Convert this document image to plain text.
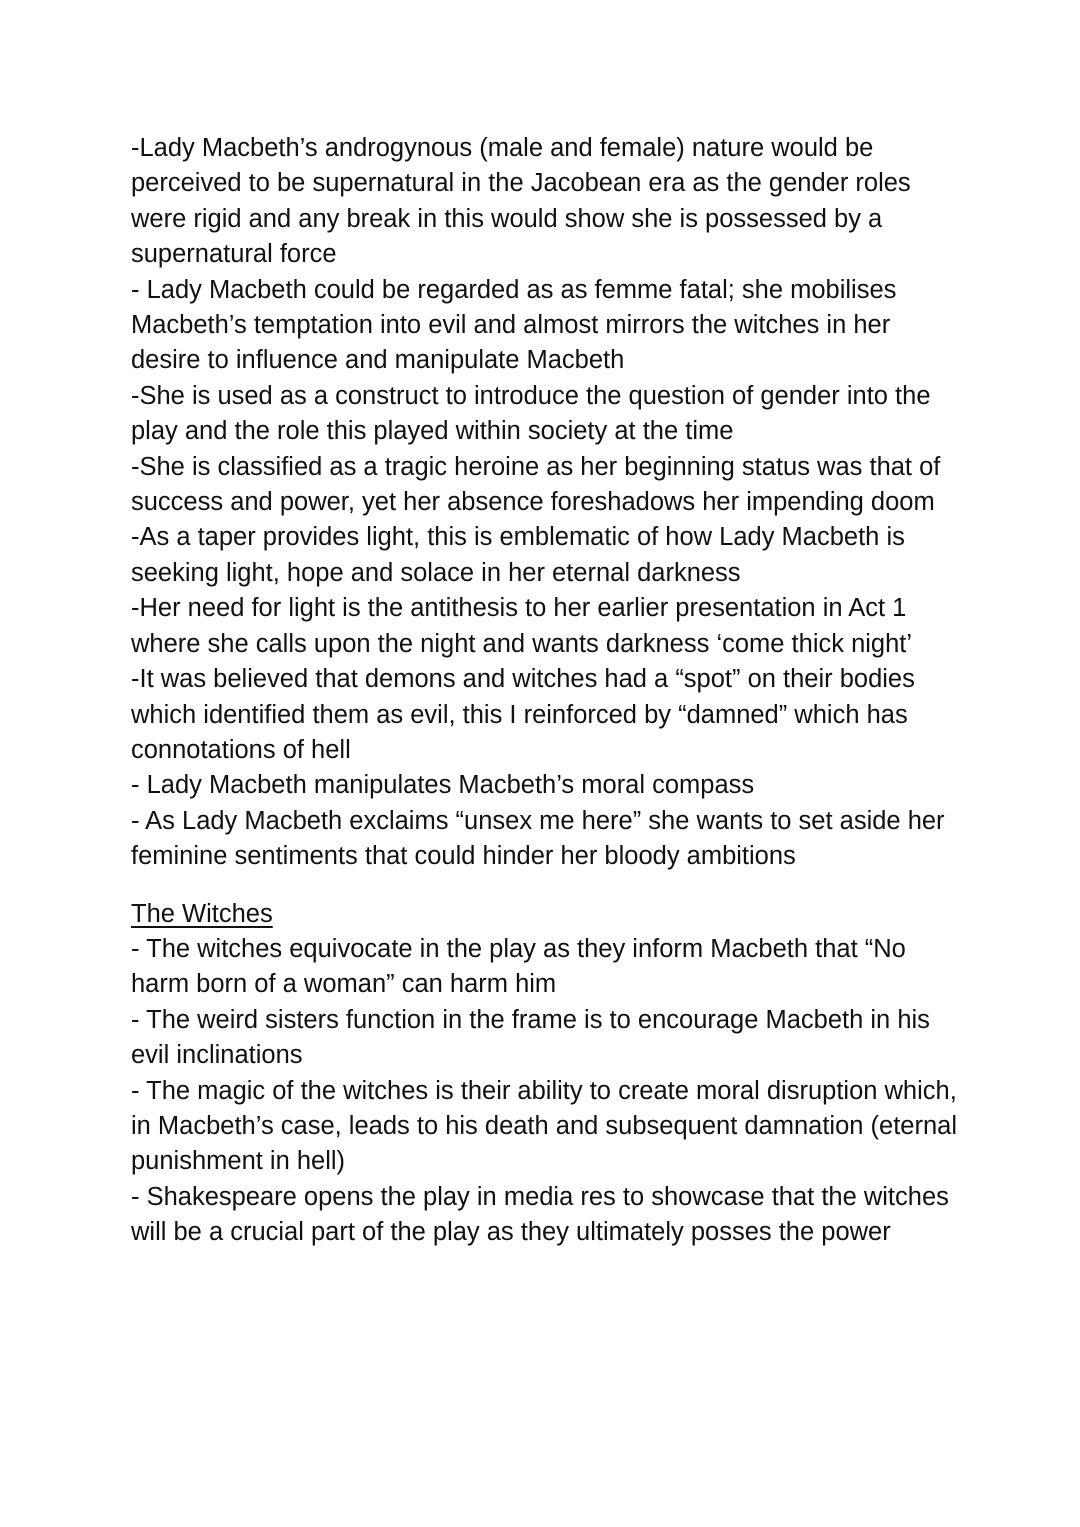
-Lady Macbeth’s androgynous (male and female) nature would be perceived to be supernatural in the Jacobean era as the gender roles were rigid and any break in this would show she is possessed by a supernatural force

- Lady Macbeth could be regarded as as femme fatal; she mobilises Macbeth’s temptation into evil and almost mirrors the witches in her desire to influence and manipulate Macbeth

-She is used as a construct to introduce the question of gender into the play and the role this played within society at the time

-She is classified as a tragic heroine as her beginning status was that of success and power, yet her absence foreshadows her impending doom

-As a taper provides light, this is emblematic of how Lady Macbeth is seeking light, hope and solace in her eternal darkness

-Her need for light is the antithesis to her earlier presentation in Act 1 where she calls upon the night and wants darkness ‘come thick night’

-It was believed that demons and witches had a “spot” on their bodies which identified them as evil, this I reinforced by “damned” which has connotations of hell

- Lady Macbeth manipulates Macbeth’s moral compass

- As Lady Macbeth exclaims “unsex me here” she wants to set aside her feminine sentiments that could hinder her bloody ambitions

The Witches

- The witches equivocate in the play as they inform Macbeth that “No harm born of a woman” can harm him

- The weird sisters function in the frame is to encourage Macbeth in his evil inclinations

- The magic of the witches is their ability to create moral disruption which, in Macbeth’s case, leads to his death and subsequent damnation (eternal punishment in hell)

- Shakespeare opens the play in media res to showcase that the witches will be a crucial part of the play as they ultimately posses the power
